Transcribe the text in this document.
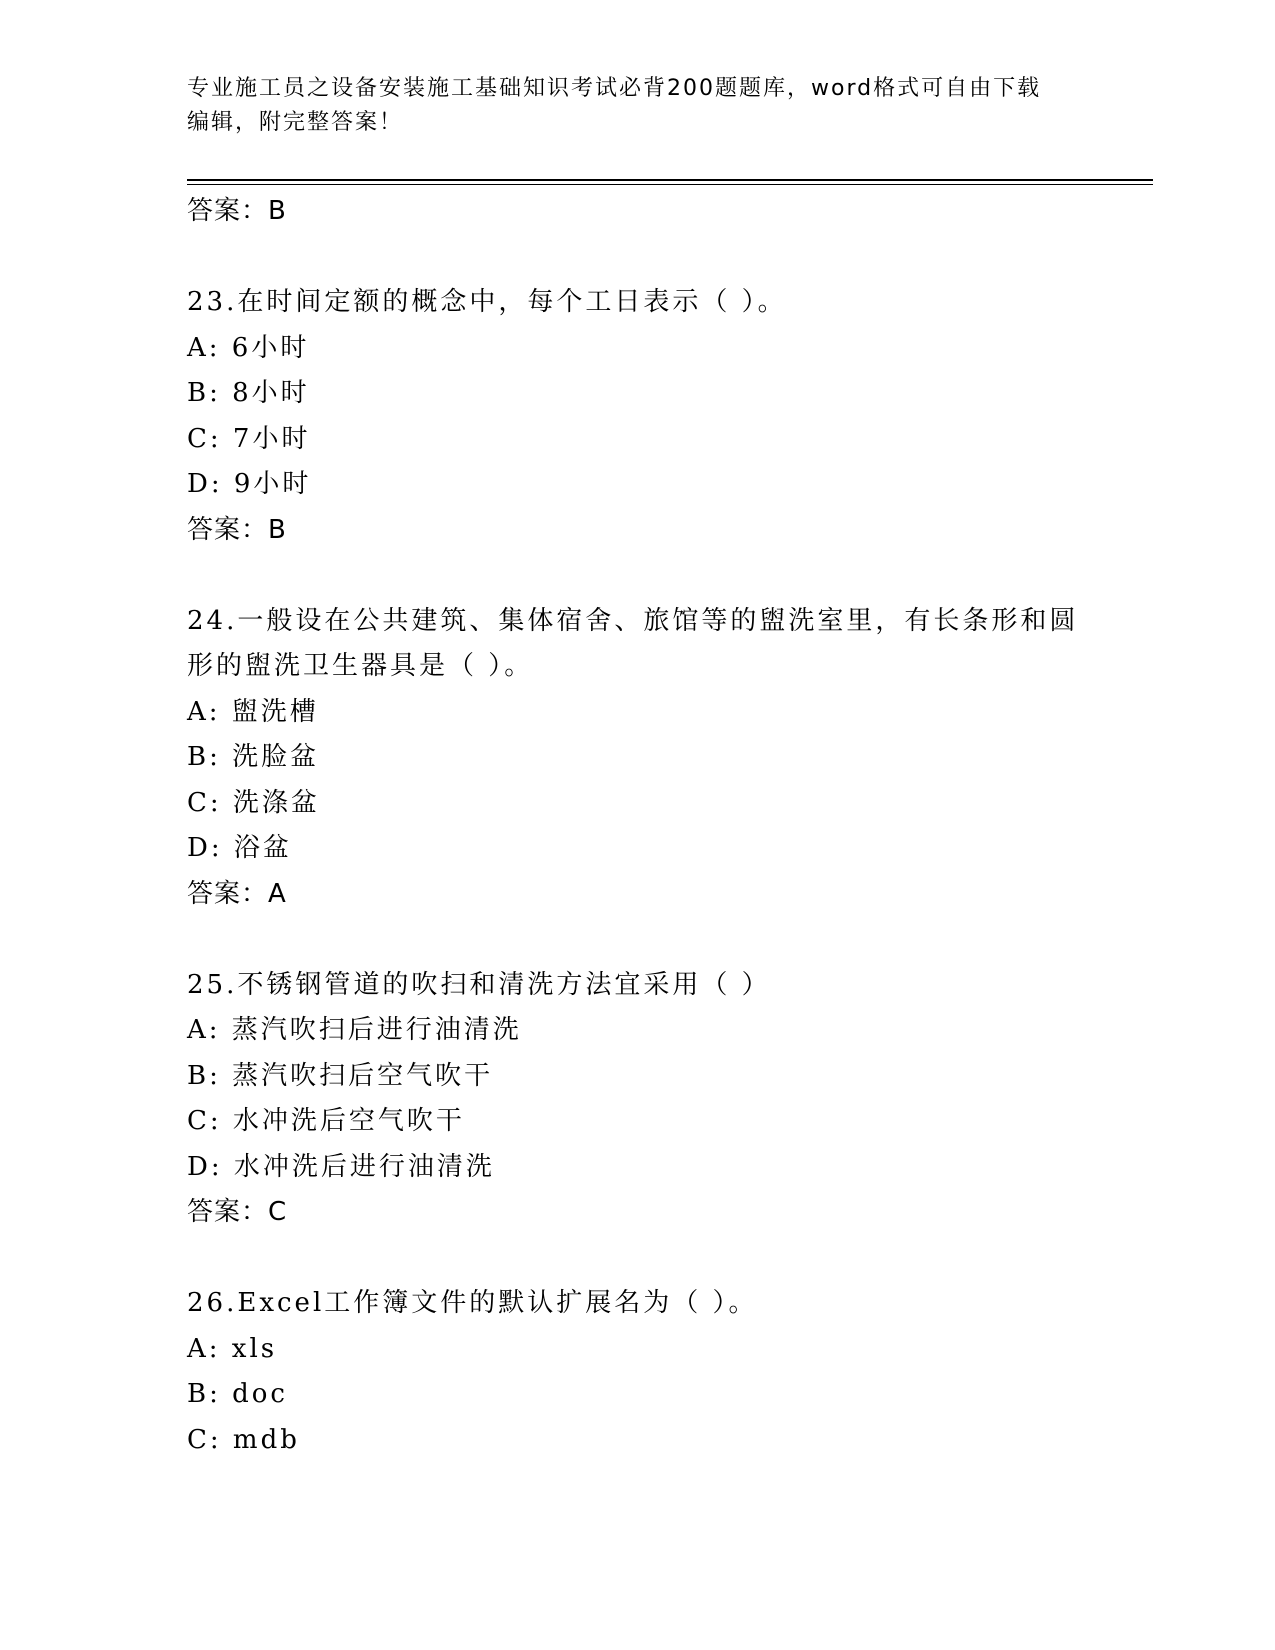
专业施工员之设备安装施工基础知识考试必背200题题库，word格式可自由下载
编辑，附完整答案！
答案：B
23.在时间定额的概念中，每个工日表示（ ）。
A: 6小时
B: 8小时
C: 7小时
D: 9小时
答案：B
24.一般设在公共建筑、集体宿舍、旅馆等的盥洗室里，有长条形和圆
形的盥洗卫生器具是（ ）。
A: 盥洗槽
B: 洗脸盆
C: 洗涤盆
D: 浴盆
答案：A
25.不锈钢管道的吹扫和清洗方法宜采用（ ）
A: 蒸汽吹扫后进行油清洗
B: 蒸汽吹扫后空气吹干
C: 水冲洗后空气吹干
D: 水冲洗后进行油清洗
答案：C
26.Excel工作簿文件的默认扩展名为（ ）。
A: xls
B: doc
C: mdb
